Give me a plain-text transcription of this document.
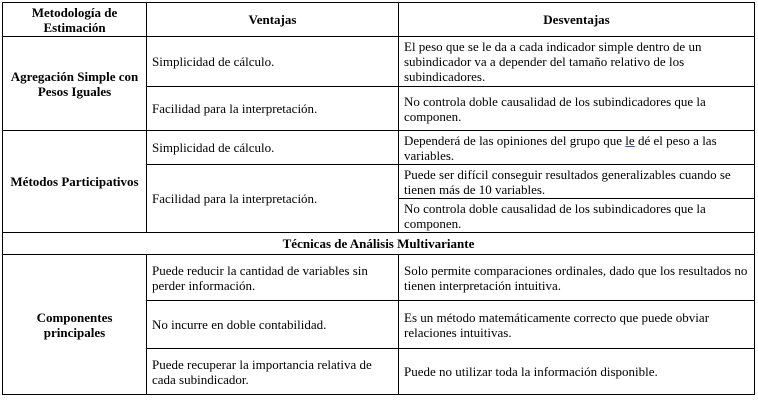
Metodología de Estimación	Ventajas	Desventajas
Agregación Simple con Pesos Iguales	Simplicidad de cálculo.	El peso que se le da a cada indicador simple dentro de un subindicador va a depender del tamaño relativo de los subindicadores.
	Facilidad para la interpretación.	No controla doble causalidad de los subindicadores que la componen.
Métodos Participativos	Simplicidad de cálculo.	Dependerá de las opiniones del grupo que le dé el peso a las variables.
	Facilidad para la interpretación.	Puede ser difícil conseguir resultados generalizables cuando se tienen más de 10 variables.
		No controla doble causalidad de los subindicadores que la componen.
Técnicas de Análisis Multivariante		
Componentes principales	Puede reducir la cantidad de variables sin perder información.	Solo permite comparaciones ordinales, dado que los resultados no tienen interpretación intuitiva.
	No incurre en doble contabilidad.	Es un método matemáticamente correcto que puede obviar relaciones intuitivas.
	Puede recuperar la importancia relativa de cada subindicador.	Puede no utilizar toda la información disponible.
